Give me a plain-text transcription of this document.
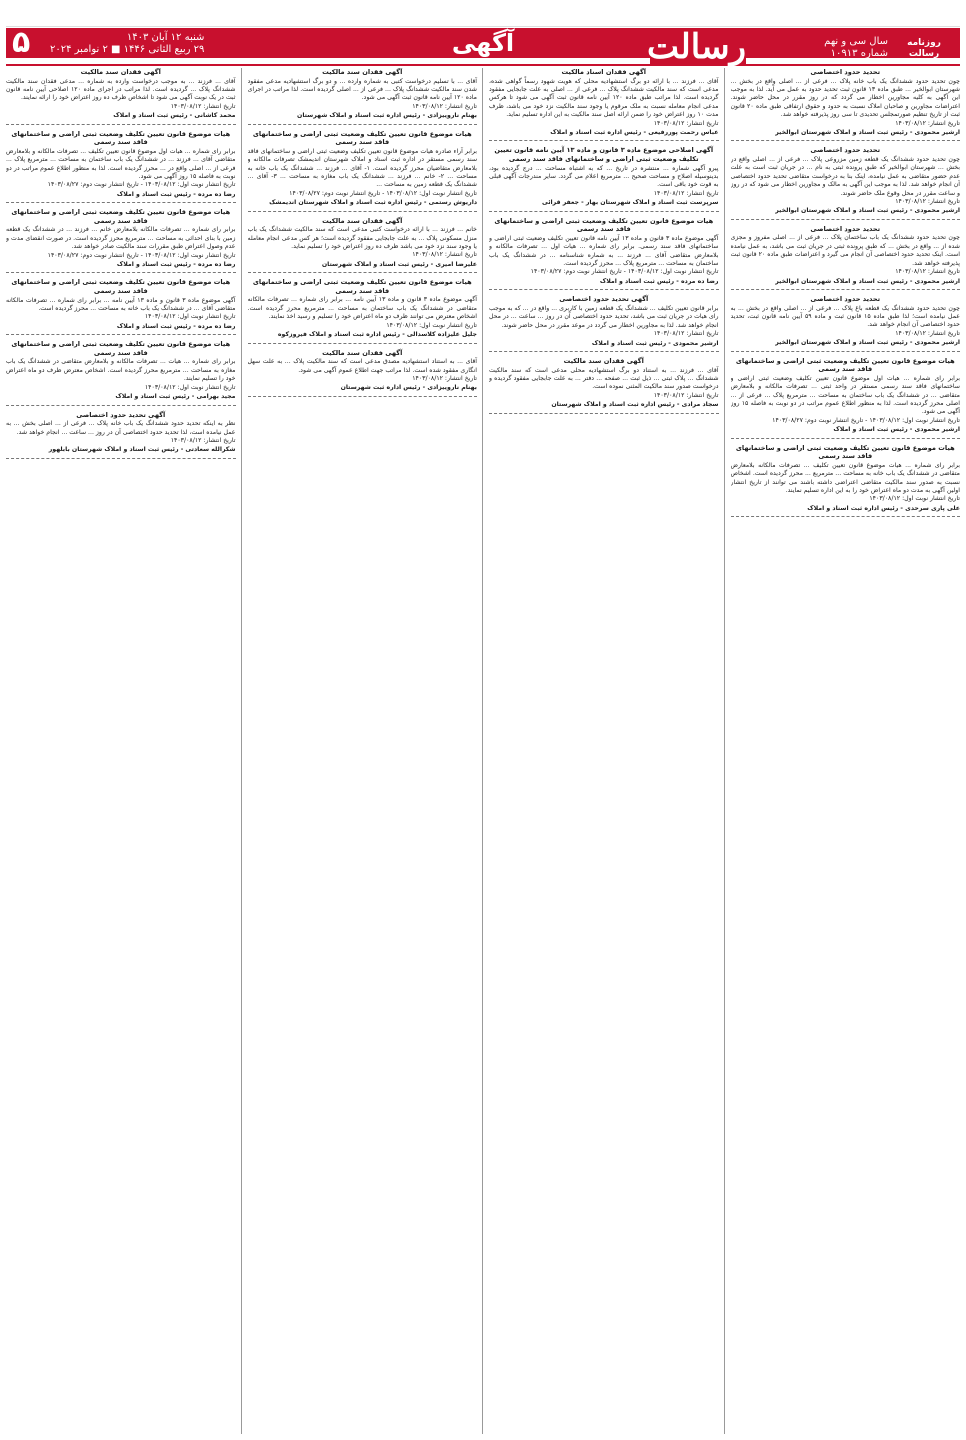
رسالت	روزنامه رسالت
سال سی و نهم
شماره ۱۰۹۱۳
آگهی
شنبه ۱۲ آبان ۱۴۰۳
۲۹ ربیع الثانی ۱۴۴۶ ■ ۲ نوامبر ۲۰۲۴
۵
تحدید حدود اختصاصی

چون تحدید حدود ششدانگ یک باب خانه پلاک ... فرعی از ... اصلی واقع در بخش ... شهرستان ابوالخیر ... طبق ماده ۱۳ قانون ثبت تحدید حدود به عمل می آید. لذا به موجب این آگهی به کلیه مجاورین اخطار می گردد که در روز مقرر در محل حاضر شوند. اعتراضات مجاورین و صاحبان املاک نسبت به حدود و حقوق ارتفاقی طبق ماده ۲۰ قانون ثبت از تاریخ تنظیم صورتمجلس تحدیدی تا سی روز پذیرفته خواهد شد.

تاریخ انتشار: ۱۴۰۳/۰۸/۱۲

ارشیر محمودی - رئیس ثبت اسناد و املاک شهرستان ابوالخیر

تحدید حدود اختصاصی

چون تحدید حدود ششدانگ یک قطعه زمین مزروعی پلاک ... فرعی از ... اصلی واقع در بخش ... شهرستان ابوالخیر که طبق پرونده ثبتی به نام ... در جریان ثبت است به علت عدم حضور متقاضی به عمل نیامده، اینک بنا به درخواست متقاضی تحدید حدود اختصاصی آن انجام خواهد شد. لذا به موجب این آگهی به مالک و مجاورین اخطار می شود که در روز و ساعت مقرر در محل وقوع ملک حاضر شوند.

تاریخ انتشار: ۱۴۰۳/۰۸/۱۲

ارشیر محمودی - رئیس ثبت اسناد و املاک شهرستان ابوالخیر

تحدید حدود اختصاصی

چون تحدید حدود ششدانگ یک باب ساختمان پلاک ... فرعی از ... اصلی مفروز و مجزی شده از ... واقع در بخش ... که طبق پرونده ثبتی در جریان ثبت می باشد، به عمل نیامده است. اینک تحدید حدود اختصاصی آن انجام می گیرد و اعتراضات طبق ماده ۲۰ قانون ثبت پذیرفته خواهد شد.

تاریخ انتشار: ۱۴۰۳/۰۸/۱۲

ارشیر محمودی - رئیس ثبت اسناد و املاک شهرستان ابوالخیر

تحدید حدود اختصاصی

چون تحدید حدود ششدانگ یک قطعه باغ پلاک ... فرعی از ... اصلی واقع در بخش ... به عمل نیامده است؛ لذا طبق ماده ۱۵ قانون ثبت و ماده ۵۹ آیین نامه قانون ثبت، تحدید حدود اختصاصی آن انجام خواهد شد.

تاریخ انتشار: ۱۴۰۳/۰۸/۱۲

ارشیر محمودی - رئیس ثبت اسناد و املاک شهرستان ابوالخیر

هیات موضوع قانون تعیین تکلیف وضعیت ثبتی اراضی و ساختمانهای فاقد سند رسمی

برابر رای شماره ... هیات اول موضوع قانون تعیین تکلیف وضعیت ثبتی اراضی و ساختمانهای فاقد سند رسمی مستقر در واحد ثبتی ... تصرفات مالکانه و بلامعارض متقاضی ... در ششدانگ یک باب ساختمان به مساحت ... مترمربع پلاک ... فرعی از ... اصلی محرز گردیده است. لذا به منظور اطلاع عموم مراتب در دو نوبت به فاصله ۱۵ روز آگهی می شود.

تاریخ انتشار نوبت اول: ۱۴۰۳/۰۸/۱۲ - تاریخ انتشار نوبت دوم: ۱۴۰۳/۰۸/۲۷

ارشیر محمودی - رئیس ثبت اسناد و املاک

هیات موضوع قانون تعیین تکلیف وضعیت ثبتی اراضی و ساختمانهای فاقد سند رسمی

برابر رای شماره ... هیات موضوع قانون تعیین تکلیف ... تصرفات مالکانه بلامعارض متقاضی در ششدانگ یک باب خانه به مساحت ... مترمربع ... محرز گردیده است. اشخاص نسبت به صدور سند مالکیت متقاضی اعتراضی داشته باشند می توانند از تاریخ انتشار اولین آگهی به مدت دو ماه اعتراض خود را به این اداره تسلیم نمایند.

تاریخ انتشار نوبت اول: ۱۴۰۳/۰۸/۱۲

علی پاری سرحدی - رئیس اداره ثبت اسناد و املاک

آگهی فقدان اسناد مالکیت

آقای ... فرزند ... با ارائه دو برگ استشهادیه محلی که هویت شهود رسماً گواهی شده، مدعی است که سند مالکیت ششدانگ پلاک ... فرعی از ... اصلی به علت جابجایی مفقود گردیده است. لذا مراتب طبق ماده ۱۲۰ آیین نامه قانون ثبت آگهی می شود تا هرکس مدعی انجام معامله نسبت به ملک مرقوم یا وجود سند مالکیت نزد خود می باشد، ظرف مدت ۱۰ روز اعتراض خود را ضمن ارائه اصل سند مالکیت به این اداره تسلیم نماید.

تاریخ انتشار: ۱۴۰۳/۰۸/۱۲

عباس رحمت پوررفیعی - رئیس اداره ثبت اسناد و املاک

آگهی اصلاحی موضوع ماده ۳ قانون و ماده ۱۳ آیین نامه قانون تعیین تکلیف وضعیت ثبتی اراضی و ساختمانهای فاقد سند رسمی

پیرو آگهی شماره ... منتشره در تاریخ ... که به اشتباه مساحت ... درج گردیده بود، بدینوسیله اصلاح و مساحت صحیح ... مترمربع اعلام می گردد. سایر مندرجات آگهی قبلی به قوت خود باقی است.

تاریخ انتشار: ۱۴۰۳/۰۸/۱۲

سرپرست ثبت اسناد و املاک شهرستان بهار - جعفر قرائی

هیات موضوع قانون تعیین تکلیف وضعیت ثبتی اراضی و ساختمانهای فاقد سند رسمی

آگهی موضوع ماده ۳ قانون و ماده ۱۳ آیین نامه قانون تعیین تکلیف وضعیت ثبتی اراضی و ساختمانهای فاقد سند رسمی. برابر رای شماره ... هیات اول ... تصرفات مالکانه و بلامعارض متقاضی آقای ... فرزند ... به شماره شناسنامه ... در ششدانگ یک باب ساختمان به مساحت ... مترمربع پلاک ... محرز گردیده است.

تاریخ انتشار نوبت اول: ۱۴۰۳/۰۸/۱۲ - تاریخ انتشار نوبت دوم: ۱۴۰۳/۰۸/۲۷

رضا ده مرده - رئیس ثبت اسناد و املاک

آگهی تحدید حدود اختصاصی

برابر قانون تعیین تکلیف ... ششدانگ یک قطعه زمین با کاربری ... واقع در ... که به موجب رای هیات در جریان ثبت می باشد، تحدید حدود اختصاصی آن در روز ... ساعت ... در محل انجام خواهد شد. لذا به مجاورین اخطار می گردد در موعد مقرر در محل حاضر شوند.

تاریخ انتشار: ۱۴۰۳/۰۸/۱۲

ارشیر محمودی - رئیس ثبت اسناد و املاک

آگهی فقدان سند مالکیت

آقای ... فرزند ... به استناد دو برگ استشهادیه محلی مدعی است که سند مالکیت ششدانگ ... پلاک ثبتی ... ذیل ثبت ... صفحه ... دفتر ... به علت جابجایی مفقود گردیده و درخواست صدور سند مالکیت المثنی نموده است.

تاریخ انتشار: ۱۴۰۳/۰۸/۱۲

سجاد مرادی - رئیس اداره ثبت اسناد و املاک شهرستان

آگهی فقدان سند مالکیت

آقای ... با تسلیم درخواست کتبی به شماره وارده ... و دو برگ استشهادیه مدعی مفقود شدن سند مالکیت ششدانگ پلاک ... فرعی از ... اصلی گردیده است. لذا مراتب در اجرای ماده ۱۲۰ آیین نامه قانون ثبت آگهی می شود.

تاریخ انتشار: ۱۴۰۳/۰۸/۱۲

بهنام ناروییزادی - رئیس اداره ثبت اسناد و املاک شهرستان

هیات موضوع قانون تعیین تکلیف وضعیت ثبتی اراضی و ساختمانهای فاقد سند رسمی

برابر آراء صادره هیات موضوع قانون تعیین تکلیف وضعیت ثبتی اراضی و ساختمانهای فاقد سند رسمی مستقر در اداره ثبت اسناد و املاک شهرستان اندیمشک تصرفات مالکانه و بلامعارض متقاضیان محرز گردیده است. ۱- آقای ... فرزند ... ششدانگ یک باب خانه به مساحت ... ۲- خانم ... فرزند ... ششدانگ یک باب مغازه به مساحت ... ۳- آقای ... ششدانگ یک قطعه زمین به مساحت ...

تاریخ انتشار نوبت اول: ۱۴۰۳/۰۸/۱۲ - تاریخ انتشار نوبت دوم: ۱۴۰۳/۰۸/۲۷

داریوش رستمی - رئیس اداره ثبت اسناد و املاک شهرستان اندیمشک

آگهی فقدان سند مالکیت

خانم ... فرزند ... با ارائه درخواست کتبی مدعی است که سند مالکیت ششدانگ یک باب منزل مسکونی پلاک ... به علت جابجایی مفقود گردیده است؛ هر کس مدعی انجام معامله یا وجود سند نزد خود می باشد ظرف ده روز اعتراض خود را تسلیم نماید.

تاریخ انتشار: ۱۴۰۳/۰۸/۱۲

علیرضا امیری - رئیس ثبت اسناد و املاک شهرستان

هیات موضوع قانون تعیین تکلیف وضعیت ثبتی اراضی و ساختمانهای فاقد سند رسمی

آگهی موضوع ماده ۳ قانون و ماده ۱۳ آیین نامه ... برابر رای شماره ... تصرفات مالکانه متقاضی در ششدانگ یک باب ساختمان به مساحت ... مترمربع محرز گردیده است. اشخاص معترض می توانند ظرف دو ماه اعتراض خود را تسلیم و رسید اخذ نمایند.

تاریخ انتشار نوبت اول: ۱۴۰۳/۰۸/۱۲

جلیل علیزاده کلاسدالی - رئیس اداره ثبت اسناد و املاک فیروزکوه

آگهی فقدان سند مالکیت

آقای ... به استناد استشهادیه مصدق مدعی است که سند مالکیت پلاک ... به علت سهل انگاری مفقود شده است. لذا مراتب جهت اطلاع عموم آگهی می شود.

تاریخ انتشار: ۱۴۰۳/۰۸/۱۲

بهنام ناروییزادی - رئیس اداره ثبت شهرستان

آگهی فقدان سند مالکیت

آقای ... فرزند ... به موجب درخواست وارده به شماره ... مدعی فقدان سند مالکیت ششدانگ پلاک ... گردیده است. لذا مراتب در اجرای ماده ۱۲۰ اصلاحی آیین نامه قانون ثبت در یک نوبت آگهی می شود تا اشخاص ظرف ده روز اعتراض خود را ارائه نمایند.

تاریخ انتشار: ۱۴۰۳/۰۸/۱۲

محمد کاشانی - رئیس ثبت اسناد و املاک

هیات موضوع قانون تعیین تکلیف وضعیت ثبتی اراضی و ساختمانهای فاقد سند رسمی

برابر رای شماره ... هیات اول موضوع قانون تعیین تکلیف ... تصرفات مالکانه و بلامعارض متقاضی آقای ... فرزند ... در ششدانگ یک باب ساختمان به مساحت ... مترمربع پلاک ... فرعی از ... اصلی واقع در ... محرز گردیده است. لذا به منظور اطلاع عموم مراتب در دو نوبت به فاصله ۱۵ روز آگهی می شود.

تاریخ انتشار نوبت اول: ۱۴۰۳/۰۸/۱۲ - تاریخ انتشار نوبت دوم: ۱۴۰۳/۰۸/۲۷

رضا ده مرده - رئیس ثبت اسناد و املاک

هیات موضوع قانون تعیین تکلیف وضعیت ثبتی اراضی و ساختمانهای فاقد سند رسمی

برابر رای شماره ... تصرفات مالکانه بلامعارض خانم ... فرزند ... در ششدانگ یک قطعه زمین با بنای احداثی به مساحت ... مترمربع محرز گردیده است. در صورت انقضای مدت و عدم وصول اعتراض طبق مقررات سند مالکیت صادر خواهد شد.

تاریخ انتشار نوبت اول: ۱۴۰۳/۰۸/۱۲ - تاریخ انتشار نوبت دوم: ۱۴۰۳/۰۸/۲۷

رضا ده مرده - رئیس ثبت اسناد و املاک

هیات موضوع قانون تعیین تکلیف وضعیت ثبتی اراضی و ساختمانهای فاقد سند رسمی

آگهی موضوع ماده ۳ قانون و ماده ۱۳ آیین نامه ... برابر رای شماره ... تصرفات مالکانه متقاضی آقای ... در ششدانگ یک باب خانه به مساحت ... محرز گردیده است.

تاریخ انتشار نوبت اول: ۱۴۰۳/۰۸/۱۲

رضا ده مرده - رئیس ثبت اسناد و املاک

هیات موضوع قانون تعیین تکلیف وضعیت ثبتی اراضی و ساختمانهای فاقد سند رسمی

برابر رای شماره ... هیات ... تصرفات مالکانه و بلامعارض متقاضی در ششدانگ یک باب مغازه به مساحت ... مترمربع محرز گردیده است. اشخاص معترض ظرف دو ماه اعتراض خود را تسلیم نمایند.

تاریخ انتشار نوبت اول: ۱۴۰۳/۰۸/۱۲

مجید بهرامی - رئیس ثبت اسناد و املاک

آگهی تحدید حدود اختصاصی

نظر به اینکه تحدید حدود ششدانگ یک باب خانه پلاک ... فرعی از ... اصلی بخش ... به عمل نیامده است، لذا تحدید حدود اختصاصی آن در روز ... ساعت ... انجام خواهد شد.

تاریخ انتشار: ۱۴۰۳/۰۸/۱۲

شکرالله سعادتی - رئیس ثبت اسناد و املاک شهرستان بابلهور
